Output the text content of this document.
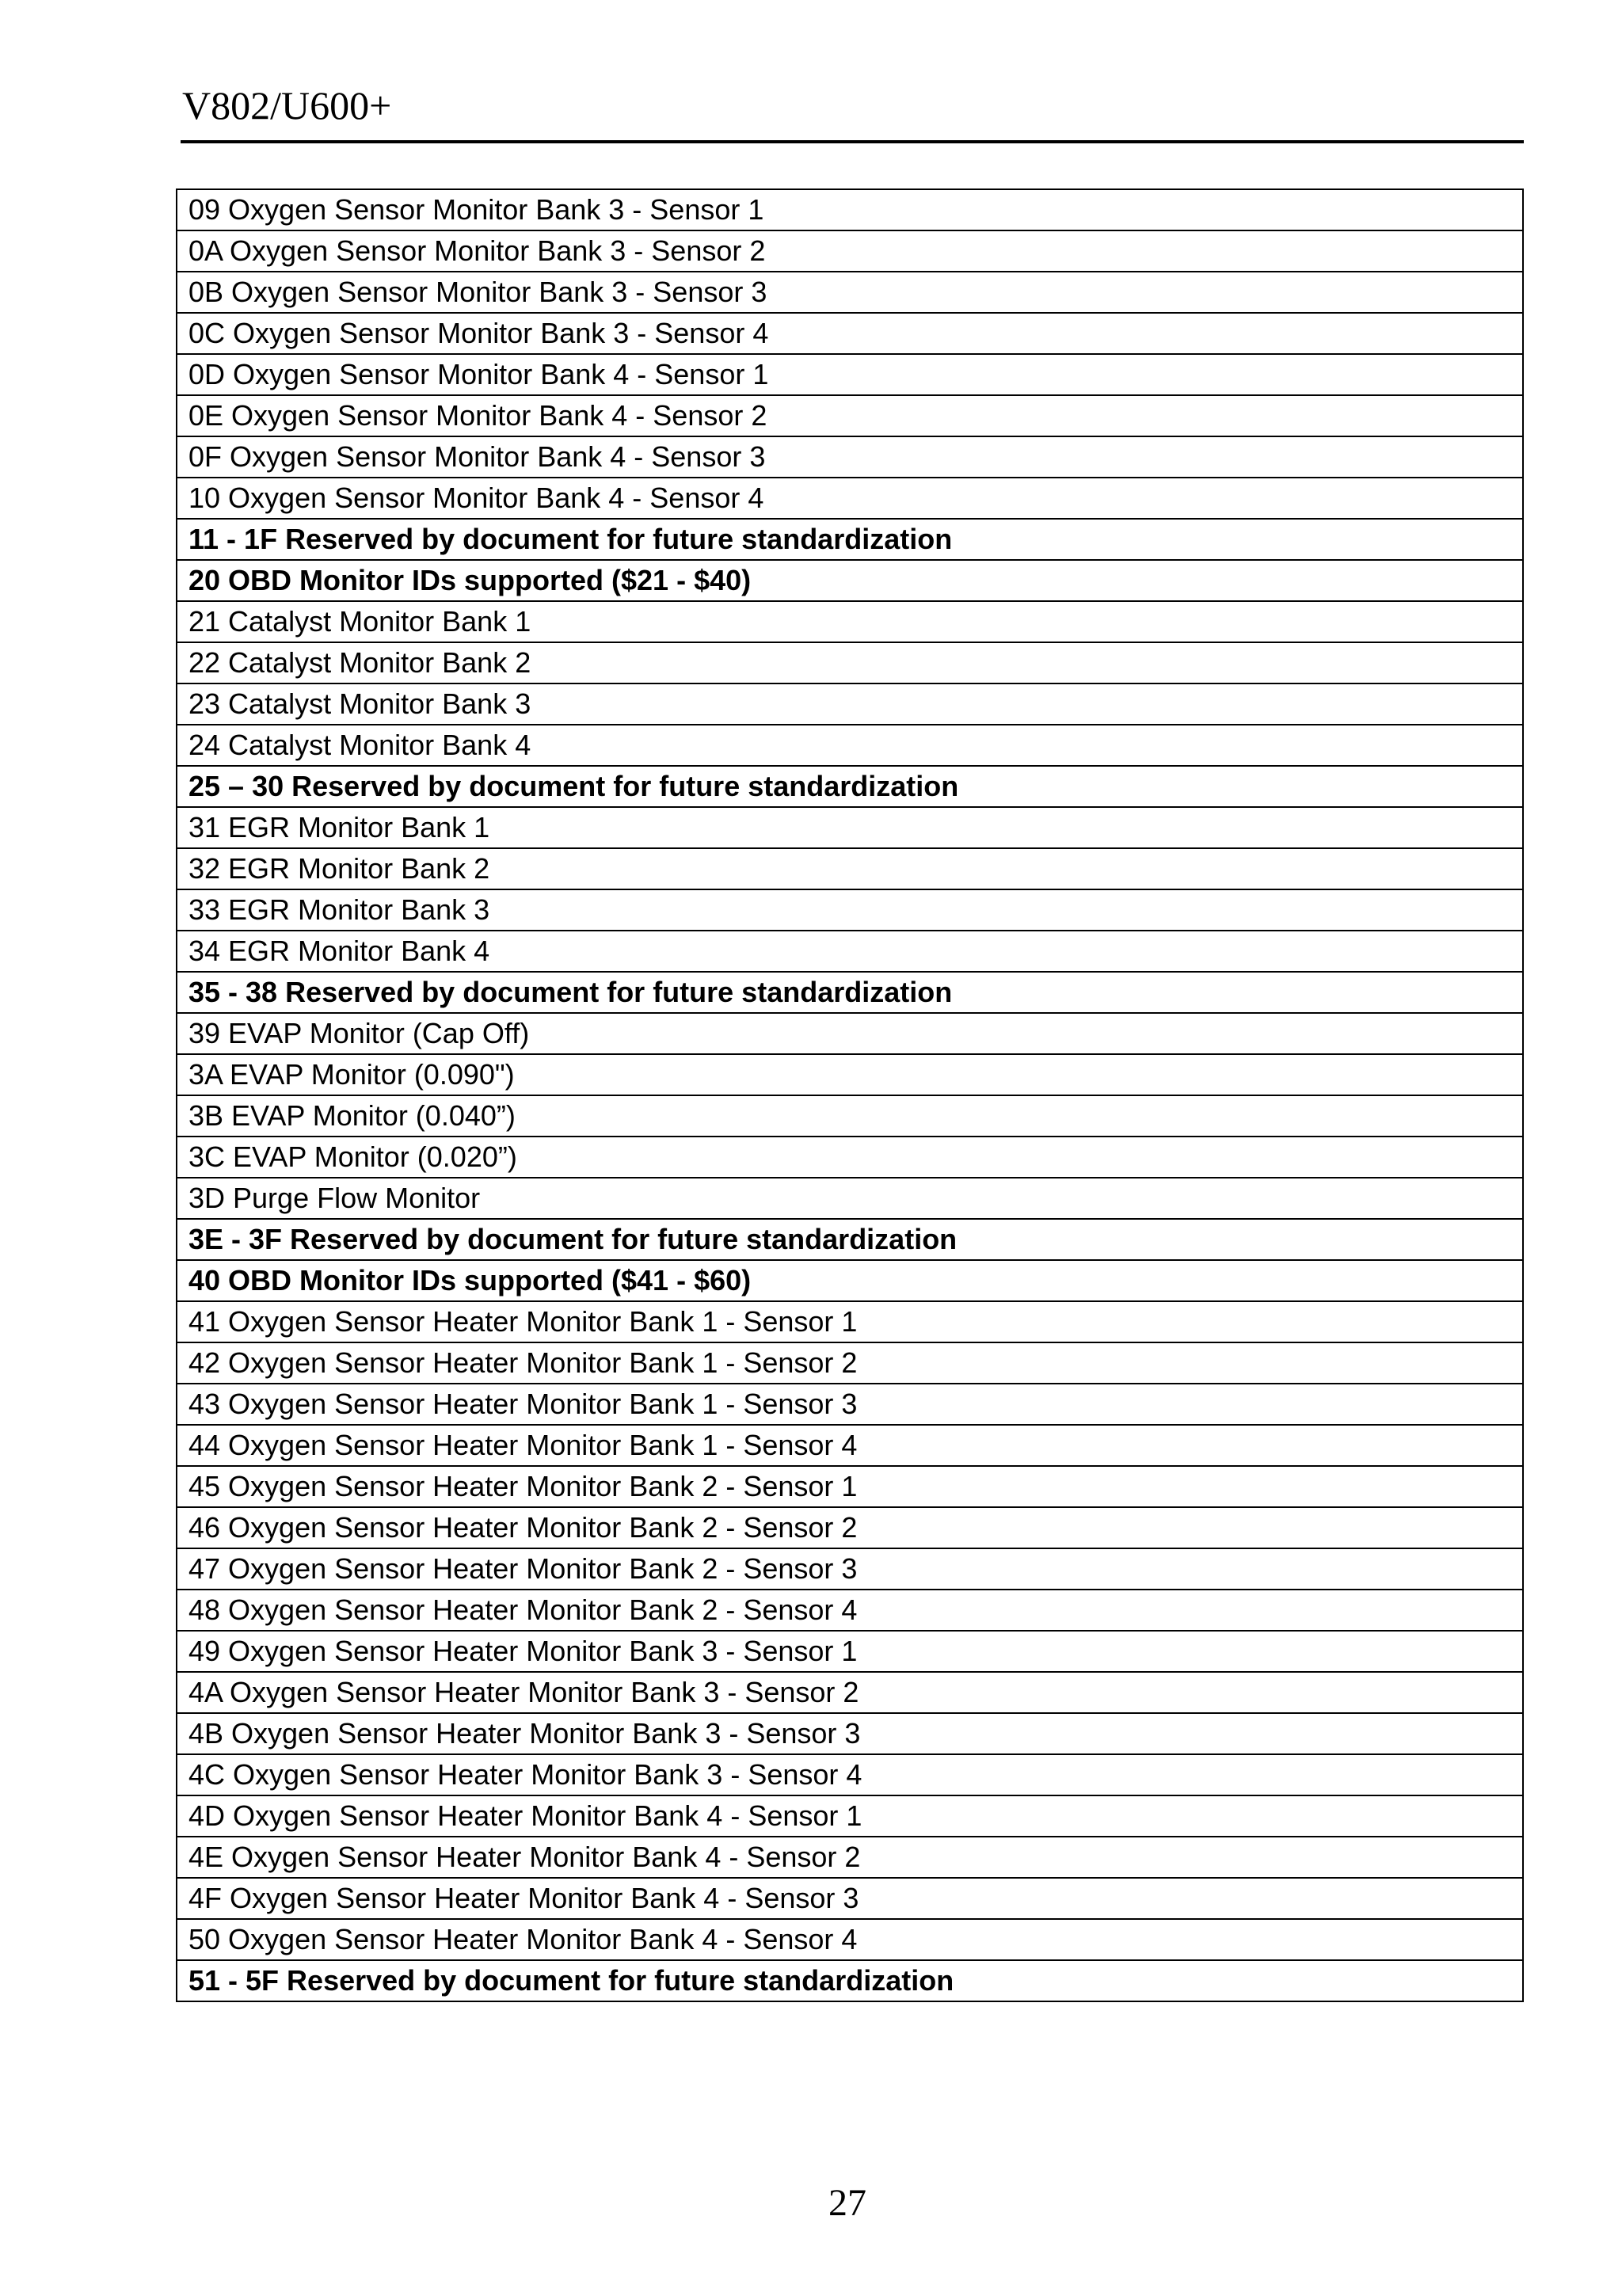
V802/U600+
09 Oxygen Sensor Monitor Bank 3 - Sensor 1
0A Oxygen Sensor Monitor Bank 3 - Sensor 2
0B Oxygen Sensor Monitor Bank 3 - Sensor 3
0C Oxygen Sensor Monitor Bank 3 - Sensor 4
0D Oxygen Sensor Monitor Bank 4 - Sensor 1
0E Oxygen Sensor Monitor Bank 4 - Sensor 2
0F Oxygen Sensor Monitor Bank 4 - Sensor 3
10 Oxygen Sensor Monitor Bank 4 - Sensor 4
11 - 1F Reserved by document for future standardization
20 OBD Monitor IDs supported ($21 - $40)
21 Catalyst Monitor Bank 1
22 Catalyst Monitor Bank 2
23 Catalyst Monitor Bank 3
24 Catalyst Monitor Bank 4
25 – 30 Reserved by document for future standardization
31 EGR Monitor Bank 1
32 EGR Monitor Bank 2
33 EGR Monitor Bank 3
34 EGR Monitor Bank 4
35 - 38 Reserved by document for future standardization
39 EVAP Monitor (Cap Off)
3A EVAP Monitor (0.090")
3B EVAP Monitor (0.040”)
3C EVAP Monitor (0.020”)
3D Purge Flow Monitor
3E - 3F Reserved by document for future standardization
40 OBD Monitor IDs supported ($41 - $60)
41 Oxygen Sensor Heater Monitor Bank 1 - Sensor 1
42 Oxygen Sensor Heater Monitor Bank 1 - Sensor 2
43 Oxygen Sensor Heater Monitor Bank 1 - Sensor 3
44 Oxygen Sensor Heater Monitor Bank 1 - Sensor 4
45 Oxygen Sensor Heater Monitor Bank 2 - Sensor 1
46 Oxygen Sensor Heater Monitor Bank 2 - Sensor 2
47 Oxygen Sensor Heater Monitor Bank 2 - Sensor 3
48 Oxygen Sensor Heater Monitor Bank 2 - Sensor 4
49 Oxygen Sensor Heater Monitor Bank 3 - Sensor 1
4A Oxygen Sensor Heater Monitor Bank 3 - Sensor 2
4B Oxygen Sensor Heater Monitor Bank 3 - Sensor 3
4C Oxygen Sensor Heater Monitor Bank 3 - Sensor 4
4D Oxygen Sensor Heater Monitor Bank 4 - Sensor 1
4E Oxygen Sensor Heater Monitor Bank 4 - Sensor 2
4F Oxygen Sensor Heater Monitor Bank 4 - Sensor 3
50 Oxygen Sensor Heater Monitor Bank 4 - Sensor 4
51 - 5F Reserved by document for future standardization
27
